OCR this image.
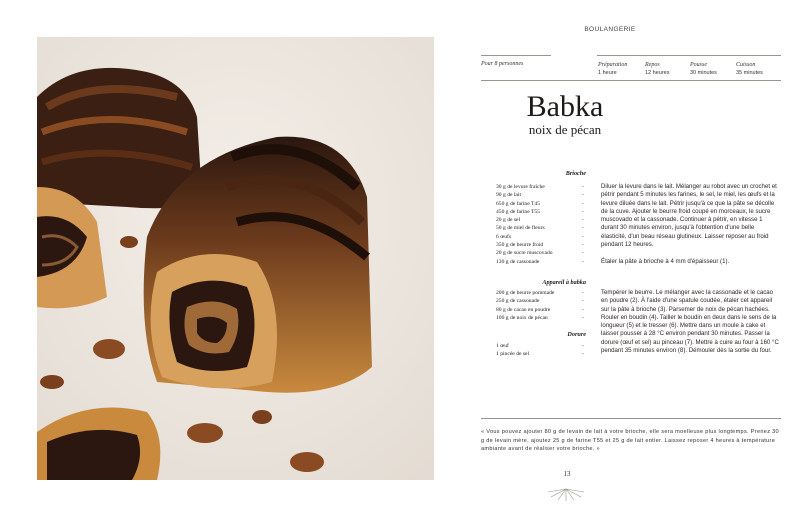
BOULANGERIE
Pour 8 personnes	Préparation
1 heure
Repos
12 heures
Pousse
30 minutes
Cuisson
35 minutes
Babka
noix de pécan
Brioche
30 g de levure fraîche
90 g de lait
650 g de farine T45
450 g de farine T55
20 g de sel
50 g de miel de fleurs
6 œufs
350 g de beurre froid
20 g de sucre muscovado
130 g de cassonade
-
-
-
-
-
-
-
-
-
-
Diluer la levure dans le lait. Mélanger au robot avec un crochet et pétrir pendant 5 minutes les farines, le sel, le miel, les œufs et la levure diluée dans le lait. Pétrir jusqu'à ce que la pâte se décolle de la cuve. Ajouter le beurre froid coupé en morceaux, le sucre muscovado et la cassonade. Continuer à pétrir, en vitesse 1 durant 30 minutes environ, jusqu'à l'obtention d'une belle élasticité, d'un beau réseau glutineux. Laisser reposer au froid pendant 12 heures.
Étaler la pâte à brioche à 4 mm d'épaisseur (1).
Appareil à babka
200 g de beurre pommade
250 g de cassonade
80 g de cacao en poudre
100 g de noix de pécan
-
-
-
-
Dorure
1 œuf
1 pincée de sel
-
-
Tempérer le beurre. Le mélanger avec la cassonade et le cacao en poudre (2). À l'aide d'une spatule coudée, étaler cet appareil sur la pâte à brioche (3). Parsemer de noix de pécan hachées. Rouler en boudin (4). Tailler le boudin en deux dans le sens de la longueur (5) et le tresser (6). Mettre dans un moule à cake et laisser pousser à 28 °C environ pendant 30 minutes. Passer la dorure (œuf et sel) au pinceau (7). Mettre à cuire au four à 160 °C pendant 35 minutes environ (8). Démouler dès la sortie du four.
« Vous pouvez ajouter 80 g de levain de lait à votre brioche, elle sera moelleuse plus longtemps. Prenez 30 g de levain mère, ajoutez 25 g de farine T55 et 25 g de lait entier. Laissez reposer 4 heures à température ambiante avant de réaliser votre brioche. »
13
